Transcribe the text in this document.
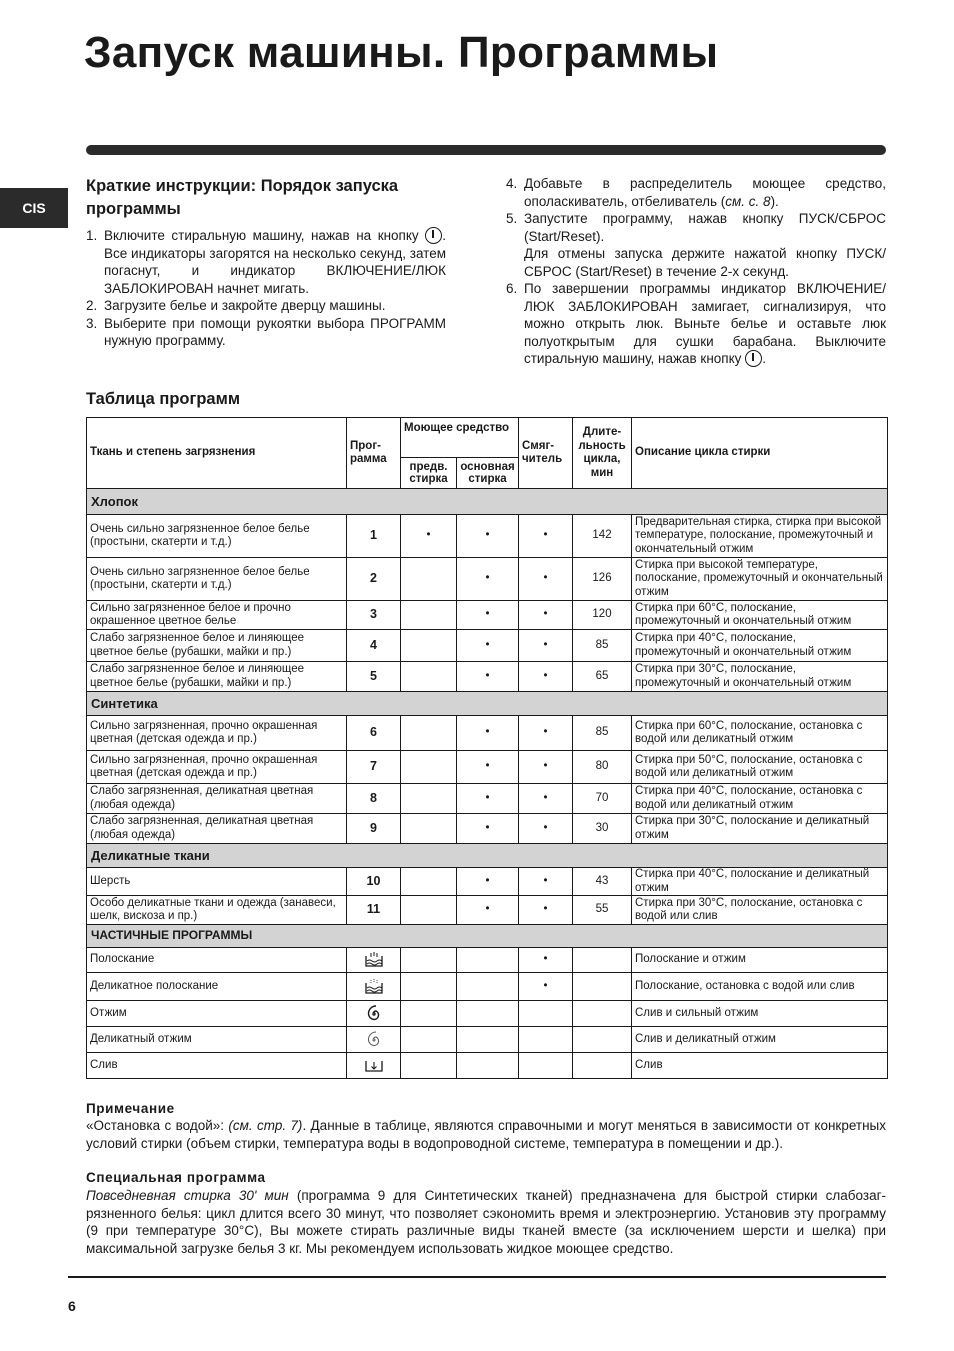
Запуск машины. Программы
CIS
Краткие инструкции: Порядок запуска программы
1. Включите стиральную машину, нажав на кнопку . Все индикаторы загорятся на несколько секунд, затем погаснут, и индикатор ВКЛЮЧЕНИЕ/ЛЮК ЗАБЛОКИРОВАН начнет мигать.
2. Загрузите белье и закройте дверцу машины.
3. Выберите при помощи рукоятки выбора ПРОГРАММ нужную программу.
4. Добавьте в распределитель моющее средство, ополаскиватель, отбеливатель (см. с. 8).
5. Запустите программу, нажав кнопку ПУСК/СБРОС (Start/Reset).
Для отмены запуска держите нажатой кнопку ПУСК/СБРОС (Start/Reset) в течение 2-х секунд.
6. По завершении программы индикатор ВКЛЮЧЕНИЕ/ЛЮК ЗАБЛОКИРОВАН замигает, сигнализируя, что можно открыть люк. Выньте белье и оставьте люк полуоткрытым для сушки барабана. Выключите стиральную машину, нажав кнопку .
Таблица программ
Ткань и степень загрязнения	Прог- рамма	Моющее средство		Смяг- читель	Длите- льность цикла, мин	Описание цикла стирки
		предв. стирка	основная стирка			
Хлопок						
Очень сильно загрязненное белое белье (простыни, скатерти и т.д.)	1	•	•	•	142	Предварительная стирка, стирка при высокой температуре, полоскание, промежуточный и окончательный отжим
Очень сильно загрязненное белое белье (простыни, скатерти и т.д.)	2		•	•	126	Стирка при высокой температуре, полоскание, промежуточный и окончательный отжим
Сильно загрязненное белое и прочно окрашенное цветное белье	3		•	•	120	Стирка при 60°С, полоскание, промежуточный и окончательный отжим
Слабо загрязненное белое и линяющее цветное белье (рубашки, майки и пр.)	4		•	•	85	Стирка при 40°С, полоскание, промежуточный и окончательный отжим
Слабо загрязненное белое и линяющее цветное белье (рубашки, майки и пр.)	5		•	•	65	Стирка при 30°С, полоскание, промежуточный и окончательный отжим
Синтетика						
Сильно загрязненная, прочно окрашенная цветная (детская одежда и пр.)	6		•	•	85	Стирка при 60°С, полоскание, остановка с водой или деликатный отжим
Сильно загрязненная, прочно окрашенная цветная (детская одежда и пр.)	7		•	•	80	Стирка при 50°С, полоскание, остановка с водой или деликатный отжим
Слабо загрязненная, деликатная цветная (любая одежда)	8		•	•	70	Стирка при 40°С, полоскание, остановка с водой или деликатный отжим
Слабо загрязненная, деликатная цветная (любая одежда)	9		•	•	30	Стирка при 30°С, полоскание и деликатный отжим
Деликатные ткани						
Шерсть	10		•	•	43	Стирка при 40°С, полоскание и деликатный отжим
Особо деликатные ткани и одежда (занавеси, шелк, вискоза и пр.)	11		•	•	55	Стирка при 30°С, полоскание, остановка с водой или слив
ЧАСТИЧНЫЕ ПРОГРАММЫ						
Полоскание				•		Полоскание и отжим
Деликатное полоскание				•		Полоскание, остановка с водой или слив
Отжим						Слив и сильный отжим
Деликатный отжим						Слив и деликатный отжим
Слив						Слив
Примечание
«Остановка с водой»: (см. стр. 7). Данные в таблице, являются справочными и могут меняться в зависимости от конкретных условий стирки (объем стирки, температура воды в водопроводной системе, температура в помещении и др.).
Специальная программа
Повседневная стирка 30' мин (программа 9 для Синтетических тканей) предназначена для быстрой стирки слабозаг- рязненного белья: цикл длится всего 30 минут, что позволяет сэкономить время и электроэнергию. Установив эту программу (9 при температуре 30°С), Вы можете стирать различные виды тканей вместе (за исключением шерсти и шелка) при максимальной загрузке белья 3 кг. Мы рекомендуем использовать жидкое моющее средство.
6
